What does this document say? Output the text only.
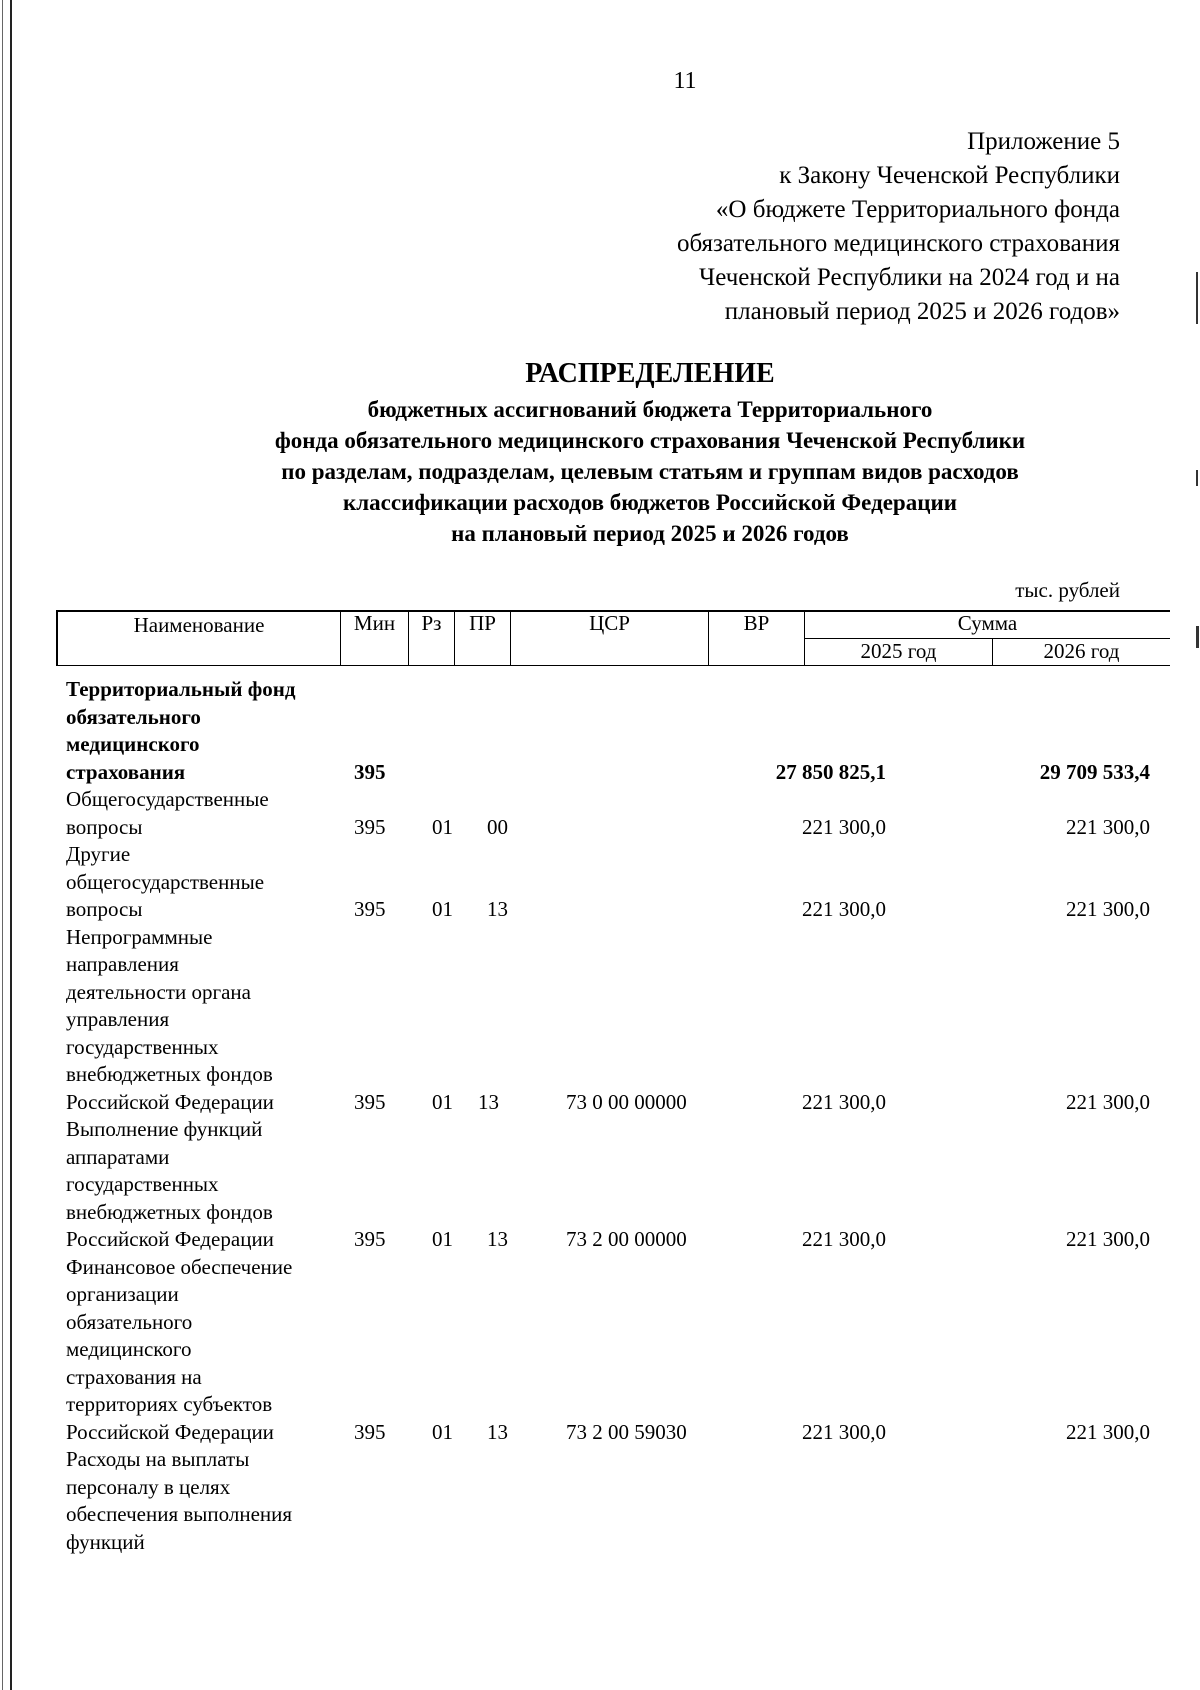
11
Приложение 5
к Закону Чеченской Республики
«О бюджете Территориального фонда
обязательного медицинского страхования
Чеченской Республики на 2024 год и на
плановый период 2025 и 2026 годов»
РАСПРЕДЕЛЕНИЕ
бюджетных ассигнований бюджета Территориального
фонда обязательного медицинского страхования Чеченской Республики
по разделам, подразделам, целевым статьям и группам видов расходов
классификации расходов бюджетов Российской Федерации
на плановый период 2025 и 2026 годов
тыс. рублей
Наименование	Мин	Рз	ПР	ЦСР	ВР	Сумма
2025 год	2026 год
Территориальный фонд
обязательного
медицинского
страхования	395	27 850 825,1	29 709 533,4
Общегосударственные
вопросы	395 01 00	221 300,0	221 300,0
Другие
общегосударственные
вопросы	395 01 13	221 300,0	221 300,0
Непрограммные
направления
деятельности органа
управления
государственных
внебюджетных фондов
Российской Федерации	395 01 13	73 0 00 00000	221 300,0	221 300,0
Выполнение функций
аппаратами
государственных
внебюджетных фондов
Российской Федерации	395 01 13	73 2 00 00000	221 300,0	221 300,0
Финансовое обеспечение
организации
обязательного
медицинского
страхования на
территориях субъектов
Российской Федерации	395 01 13	73 2 00 59030	221 300,0	221 300,0
Расходы на выплаты
персоналу в целях
обеспечения выполнения
функций
